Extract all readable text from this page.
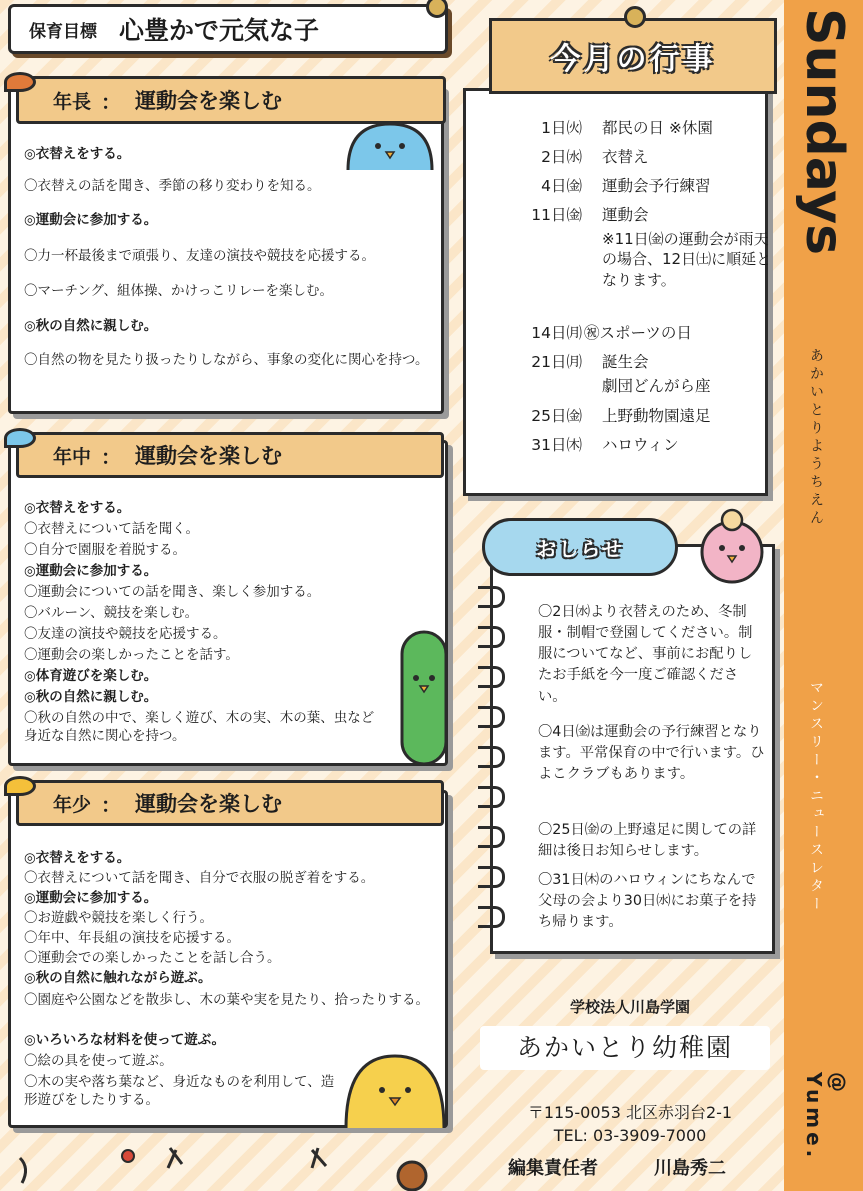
Sundays
あかいとりようちえん
マンスリー・ニュースレター
@ Yume.
保育目標 心豊かで元気な子
年長 ： 運動会を楽しむ
◎衣替えをする。
〇衣替えの話を聞き、季節の移り変わりを知る。
◎運動会に参加する。
〇力一杯最後まで頑張り、友達の演技や競技を応援する。
〇マーチング、組体操、かけっこリレーを楽しむ。
◎秋の自然に親しむ。
〇自然の物を見たり扱ったりしながら、事象の変化に関心を持つ。
年中 ： 運動会を楽しむ
◎衣替えをする。
〇衣替えについて話を聞く。
〇自分で園服を着脱する。
◎運動会に参加する。
〇運動会についての話を聞き、楽しく参加する。
〇バルーン、競技を楽しむ。
〇友達の演技や競技を応援する。
〇運動会の楽しかったことを話す。
◎体育遊びを楽しむ。
◎秋の自然に親しむ。
〇秋の自然の中で、楽しく遊び、木の実、木の葉、虫など身近な自然に関心を持つ。
年少 ： 運動会を楽しむ
◎衣替えをする。
〇衣替えについて話を聞き、自分で衣服の脱ぎ着をする。
◎運動会に参加する。
〇お遊戯や競技を楽しく行う。
〇年中、年長組の演技を応援する。
〇運動会での楽しかったことを話し合う。
◎秋の自然に触れながら遊ぶ。
〇園庭や公園などを散歩し、木の葉や実を見たり、拾ったりする。
◎いろいろな材料を使って遊ぶ。
〇絵の具を使って遊ぶ。
〇木の実や落ち葉など、身近なものを利用して、造形遊びをしたりする。
今月の行事
1日㈫ 都民の日 ※休園
2日㈬ 衣替え
4日㈮ 運動会予行練習
11日㈮ 運動会
※11日㈮の運動会が雨天の場合、12日㈯に順延となります。
14日㈪ ㊗スポーツの日
21日㈪ 誕生会
劇団どんがら座
25日㈮ 上野動物園遠足
31日㈭ ハロウィン
おしらせ
〇2日㈬より衣替えのため、冬制服・制帽で登園してください。制服についてなど、事前にお配りしたお手紙を今一度ご確認ください。
〇4日㈮は運動会の予行練習となります。平常保育の中で行います。ひよこクラブもあります。
〇25日㈮の上野遠足に関しての詳細は後日お知らせします。
〇31日㈭のハロウィンにちなんで父母の会より30日㈬にお菓子を持ち帰ります。
学校法人川島学園
あかいとり幼稚園
〒115-0053 北区赤羽台2-1
TEL: 03-3909-7000
編集責任者	川島秀二
